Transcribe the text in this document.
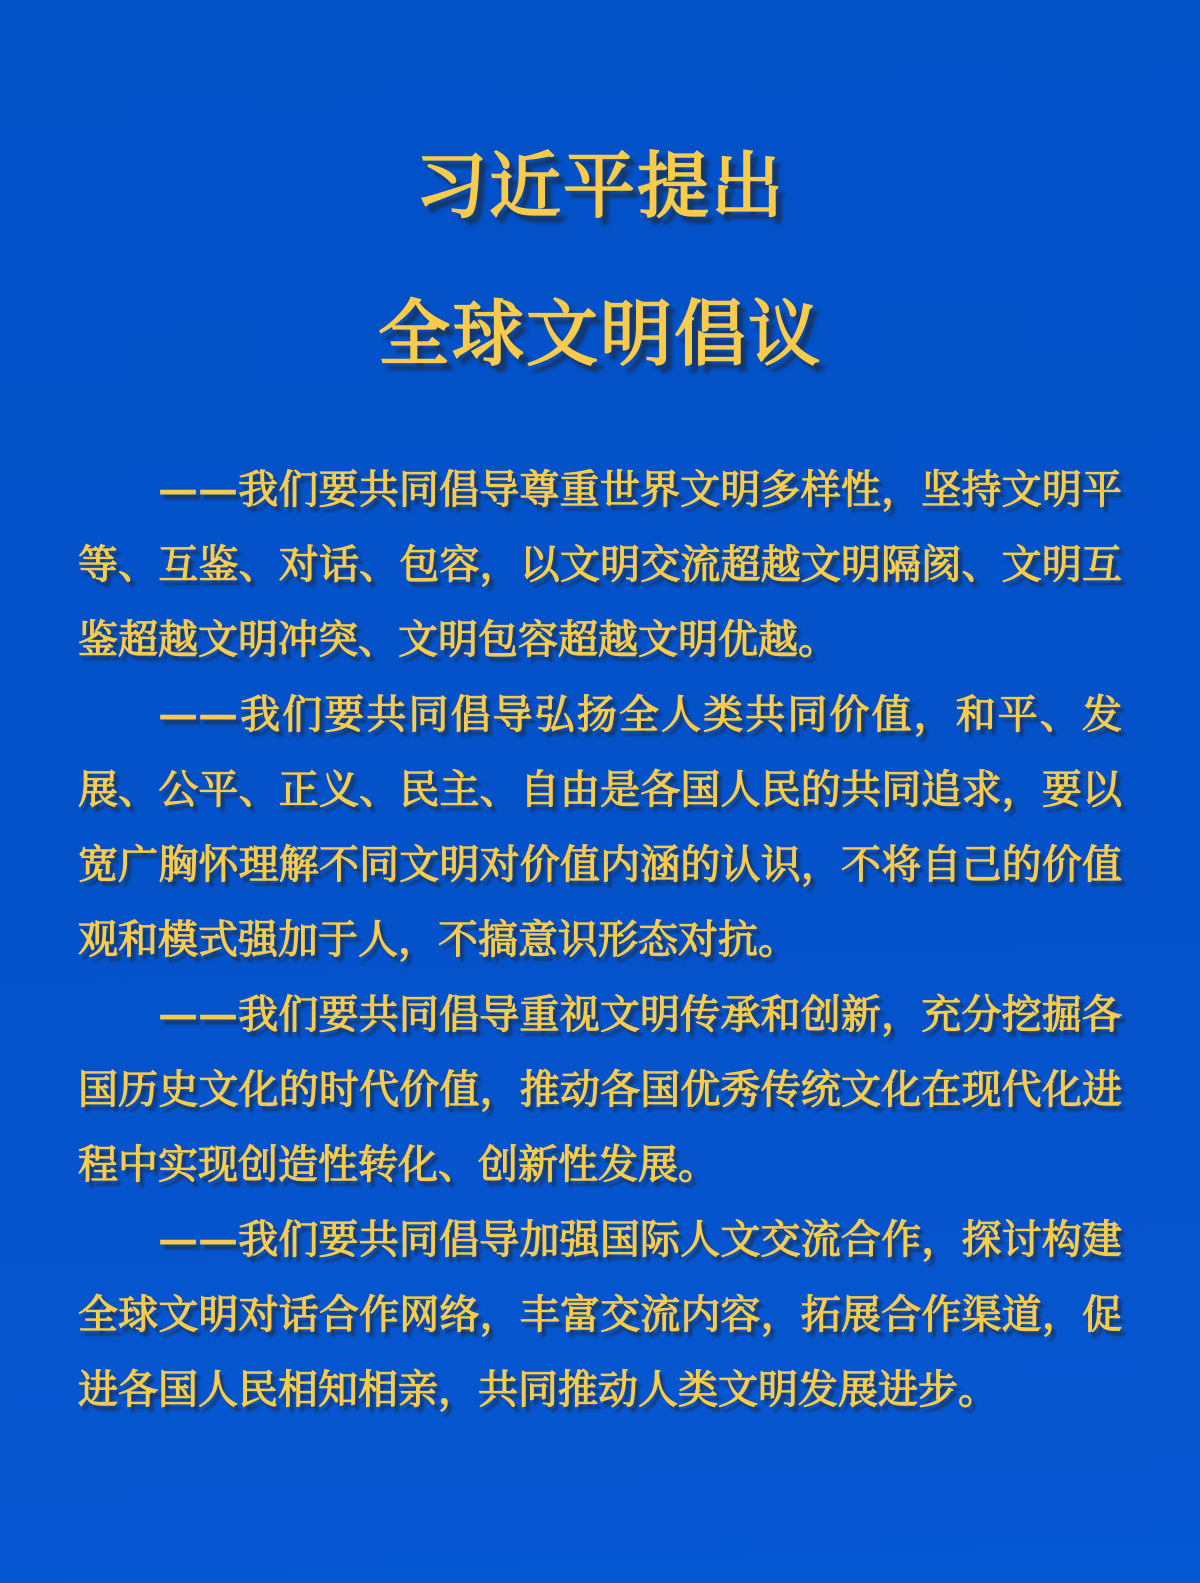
习近平提出
全球文明倡议

——我们要共同倡导尊重世界文明多样性，坚持文明平等、互鉴、对话、包容，以文明交流超越文明隔阂、文明互鉴超越文明冲突、文明包容超越文明优越。

——我们要共同倡导弘扬全人类共同价值，和平、发展、公平、正义、民主、自由是各国人民的共同追求，要以宽广胸怀理解不同文明对价值内涵的认识，不将自己的价值观和模式强加于人，不搞意识形态对抗。

——我们要共同倡导重视文明传承和创新，充分挖掘各国历史文化的时代价值，推动各国优秀传统文化在现代化进程中实现创造性转化、创新性发展。

——我们要共同倡导加强国际人文交流合作，探讨构建全球文明对话合作网络，丰富交流内容，拓展合作渠道，促进各国人民相知相亲，共同推动人类文明发展进步。
